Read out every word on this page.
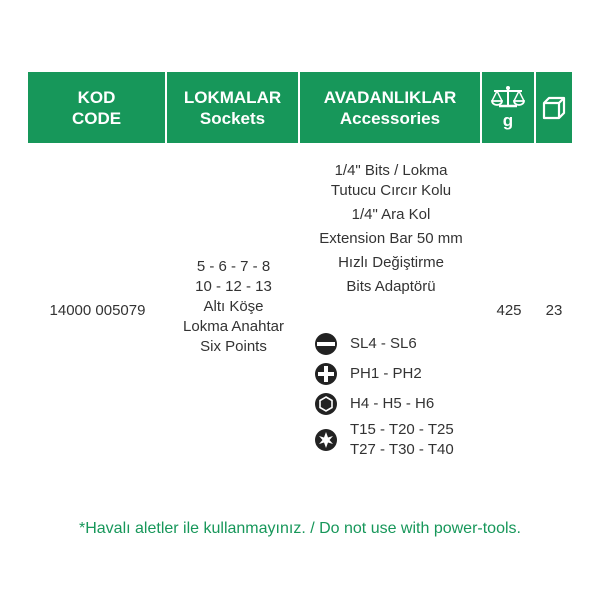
KOD
CODE
LOKMALAR
Sockets
AVADANLIKLAR
Accessories	g
14000 005079
5 - 6 - 7 - 8
10 - 12 - 13
Altı Köşe
Lokma Anahtar
Six Points
1/4" Bits / Lokma
Tutucu Cırcır Kolu
1/4" Ara Kol
Extension Bar 50 mm
Hızlı Değiştirme
Bits Adaptörü
SL4 - SL6
PH1 - PH2
H4 - H5 - H6
T15 - T20 - T25
T27 - T30 - T40
425	23
*Havalı aletler ile kullanmayınız. / Do not use with power-tools.
